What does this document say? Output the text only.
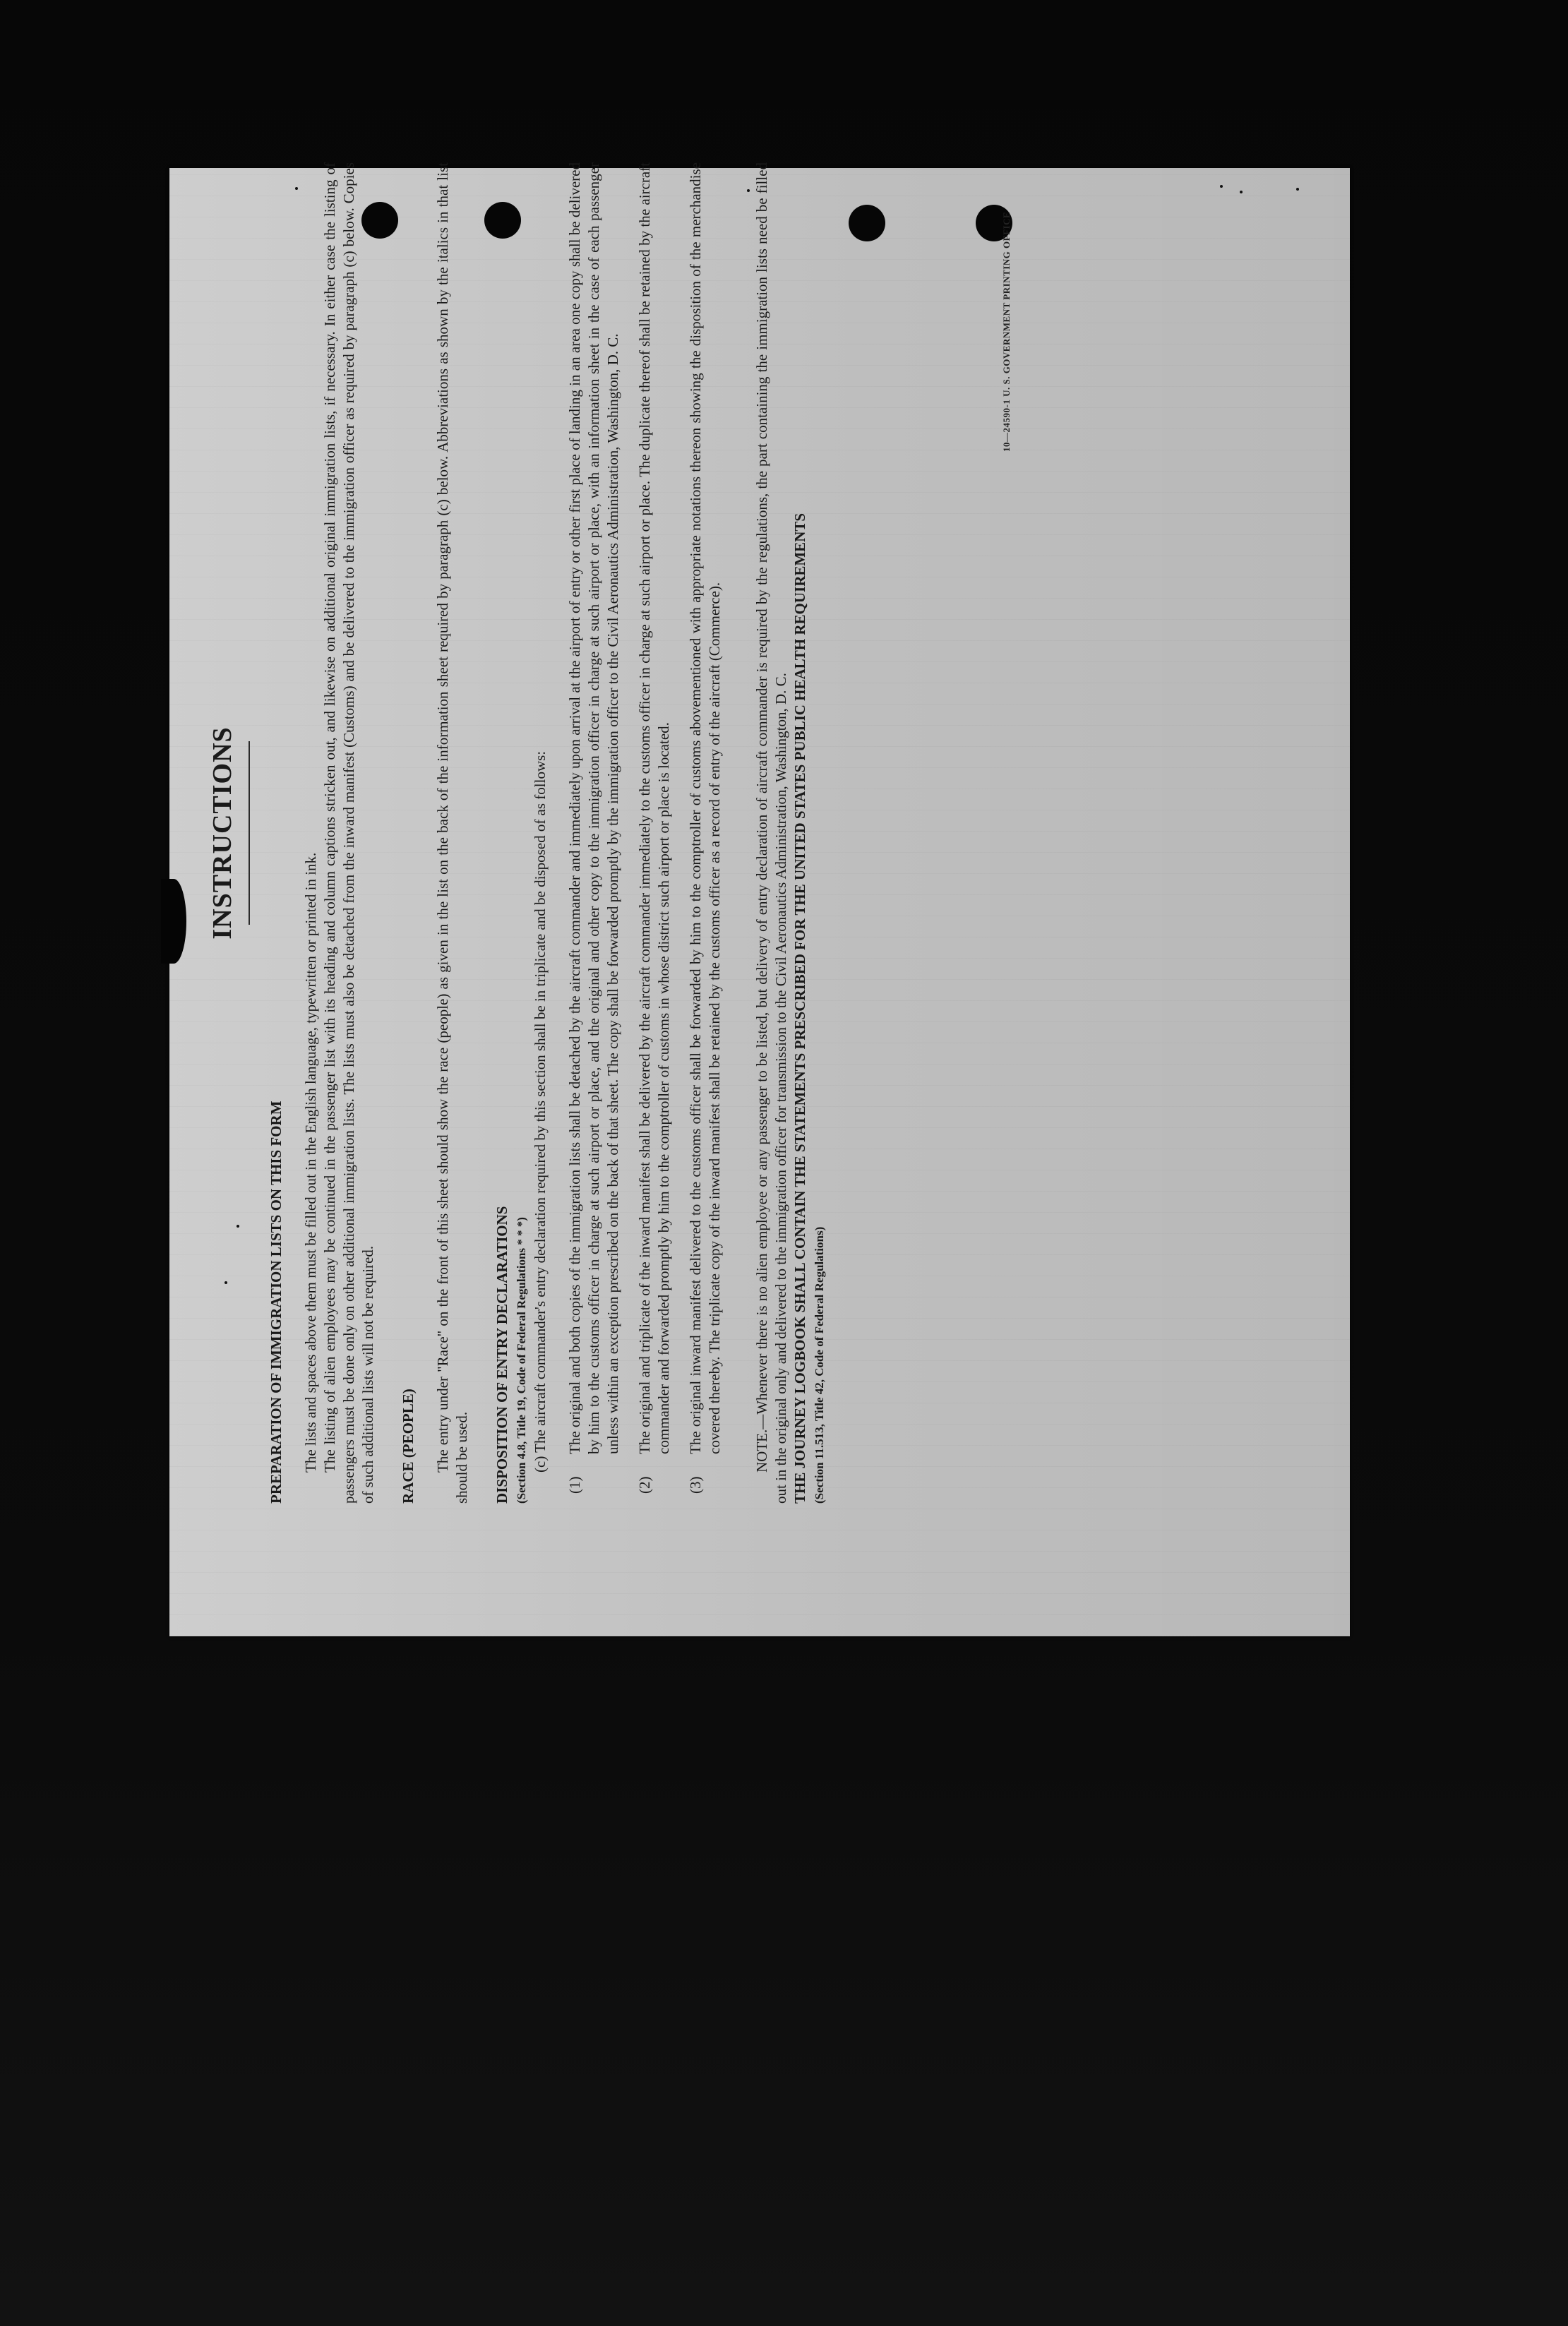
INSTRUCTIONS

PREPARATION OF IMMIGRATION LISTS ON THIS FORM The lists and spaces above them must be filled out in the English language, typewritten or printed in ink. The listing of alien employees may be continued in the passenger list with its heading and column captions stricken out, and likewise on additional original immigration lists, if necessary. In either case the listing of passengers must be done only on other additional immigration lists. The lists must also be detached from the inward manifest (Customs) and be delivered to the immigration officer as required by paragraph (c) below. Copies of such additional lists will not be required. RACE (PEOPLE) The entry under "Race" on the front of this sheet should show the race (people) as given in the list on the back of the information sheet required by paragraph (c) below. Abbreviations as shown by the italics in that list should be used. DISPOSITION OF ENTRY DECLARATIONS (Section 4.8, Title 19, Code of Federal Regulations * * *) (c) The aircraft commander's entry declaration required by this section shall be in triplicate and be disposed of as follows:

(1)
The original and both copies of the immigration lists shall be detached by the aircraft commander and immediately upon arrival at the airport of entry or other first place of landing in an area one copy shall be delivered by him to the customs officer in charge at such airport or place, and the original and other copy to the immigration officer in charge at such airport or place, with an information sheet in the case of each passenger unless within an exception prescribed on the back of that sheet. The copy shall be forwarded promptly by the immigration officer to the Civil Aeronautics Administration, Washington, D. C.
(2)
The original and triplicate of the inward manifest shall be delivered by the aircraft commander immediately to the customs officer in charge at such airport or place. The duplicate thereof shall be retained by the aircraft commander and forwarded promptly by him to the comptroller of customs in whose district such airport or place is located.
(3)
The original inward manifest delivered to the customs officer shall be forwarded by him to the comptroller of customs abovementioned with appropriate notations thereon showing the disposition of the merchandise covered thereby. The triplicate copy of the inward manifest shall be retained by the customs officer as a record of entry of the aircraft (Commerce). NOTE.—Whenever there is no alien employee or any passenger to be listed, but delivery of entry declaration of aircraft commander is required by the regulations, the part containing the immigration lists need be filled out in the original only and delivered to the immigration officer for transmission to the Civil Aeronautics Administration, Washington, D. C. THE JOURNEY LOGBOOK SHALL CONTAIN THE STATEMENTS PRESCRIBED FOR THE UNITED STATES PUBLIC HEALTH REQUIREMENTS (Section 11.513, Title 42, Code of Federal Regulations)

10—24590-1 U. S. GOVERNMENT PRINTING OFFICE
